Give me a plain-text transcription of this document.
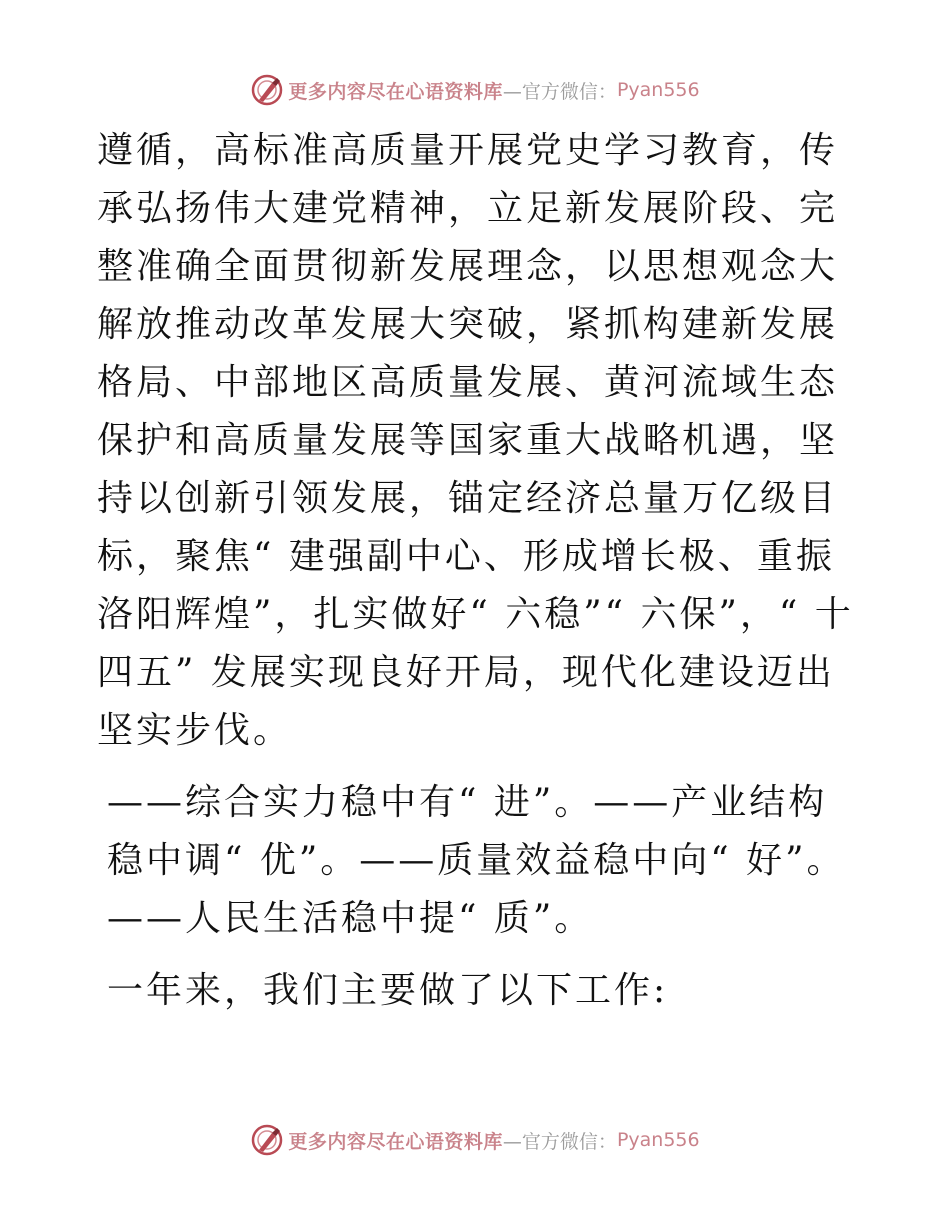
更多内容尽在心语资料库 —官方微信： Pyan556

遵循，高标准高质量开展党史学习教育，传承弘扬伟大建党精神，立足新发展阶段、完整准确全面贯彻新发展理念，以思想观念大解放推动改革发展大突破，紧抓构建新发展格局、中部地区高质量发展、黄河流域生态保护和高质量发展等国家重大战略机遇，坚持以创新引领发展，锚定经济总量万亿级目标，聚焦“ 建强副中心、形成增长极、重振洛阳辉煌”，扎实做好“ 六稳”“ 六保”，“ 十四五” 发展实现良好开局，现代化建设迈出坚实步伐。

——综合实力稳中有“ 进”。——产业结构稳中调“ 优”。——质量效益稳中向“ 好”。——人民生活稳中提“ 质”。

一年来，我们主要做了以下工作:

更多内容尽在心语资料库 —官方微信： Pyan556
